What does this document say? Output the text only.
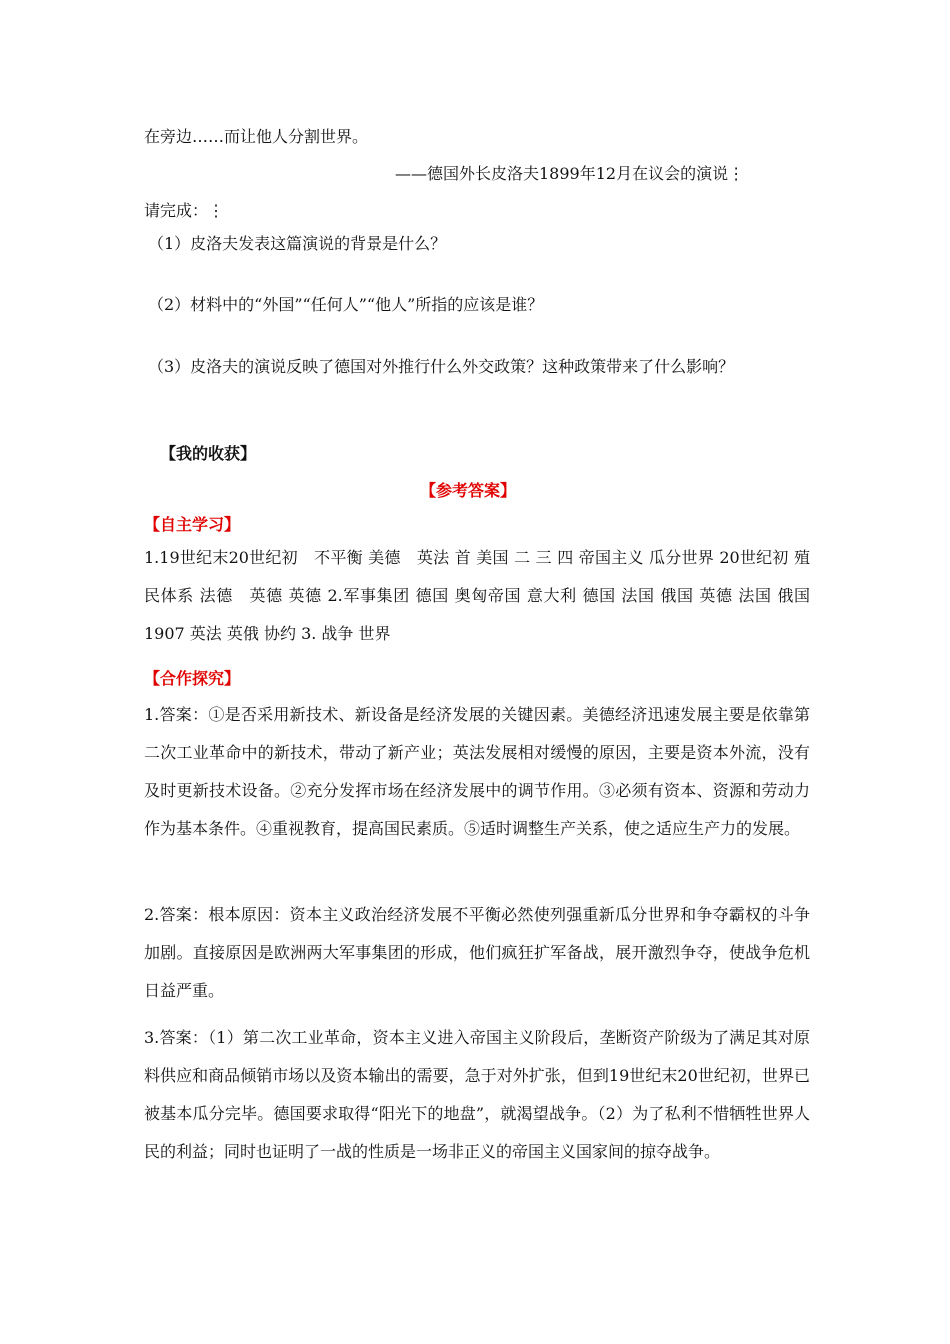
在旁边……而让他人分割世界。
——德国外长皮洛夫1899年12月在议会的演说⋮
请完成：⋮
（1）皮洛夫发表这篇演说的背景是什么？
（2）材料中的“外国”“任何人”“他人”所指的应该是谁？
（3）皮洛夫的演说反映了德国对外推行什么外交政策？这种政策带来了什么影响？
【我的收获】
【参考答案】
【自主学习】

1.19世纪末20世纪初　不平衡 美德　英法 首 美国 二 三 四 帝国主义 瓜分世界 20世纪初 殖民体系 法德　英德 英德 2.军事集团 德国 奥匈帝国 意大利 德国 法国 俄国 英德 法国 俄国　1907 英法 英俄 协约 3. 战争 世界

【合作探究】

1.答案：①是否采用新技术、新设备是经济发展的关键因素。美德经济迅速发展主要是依靠第二次工业革命中的新技术，带动了新产业；英法发展相对缓慢的原因，主要是资本外流，没有及时更新技术设备。②充分发挥市场在经济发展中的调节作用。③必须有资本、资源和劳动力作为基本条件。④重视教育，提高国民素质。⑤适时调整生产关系，使之适应生产力的发展。

2.答案：根本原因：资本主义政治经济发展不平衡必然使列强重新瓜分世界和争夺霸权的斗争加剧。直接原因是欧洲两大军事集团的形成，他们疯狂扩军备战，展开激烈争夺，使战争危机日益严重。

3.答案：（1）第二次工业革命，资本主义进入帝国主义阶段后，垄断资产阶级为了满足其对原料供应和商品倾销市场以及资本输出的需要，急于对外扩张，但到19世纪末20世纪初，世界已被基本瓜分完毕。德国要求取得“阳光下的地盘”，就渴望战争。（2）为了私利不惜牺牲世界人民的利益；同时也证明了一战的性质是一场非正义的帝国主义国家间的掠夺战争。
